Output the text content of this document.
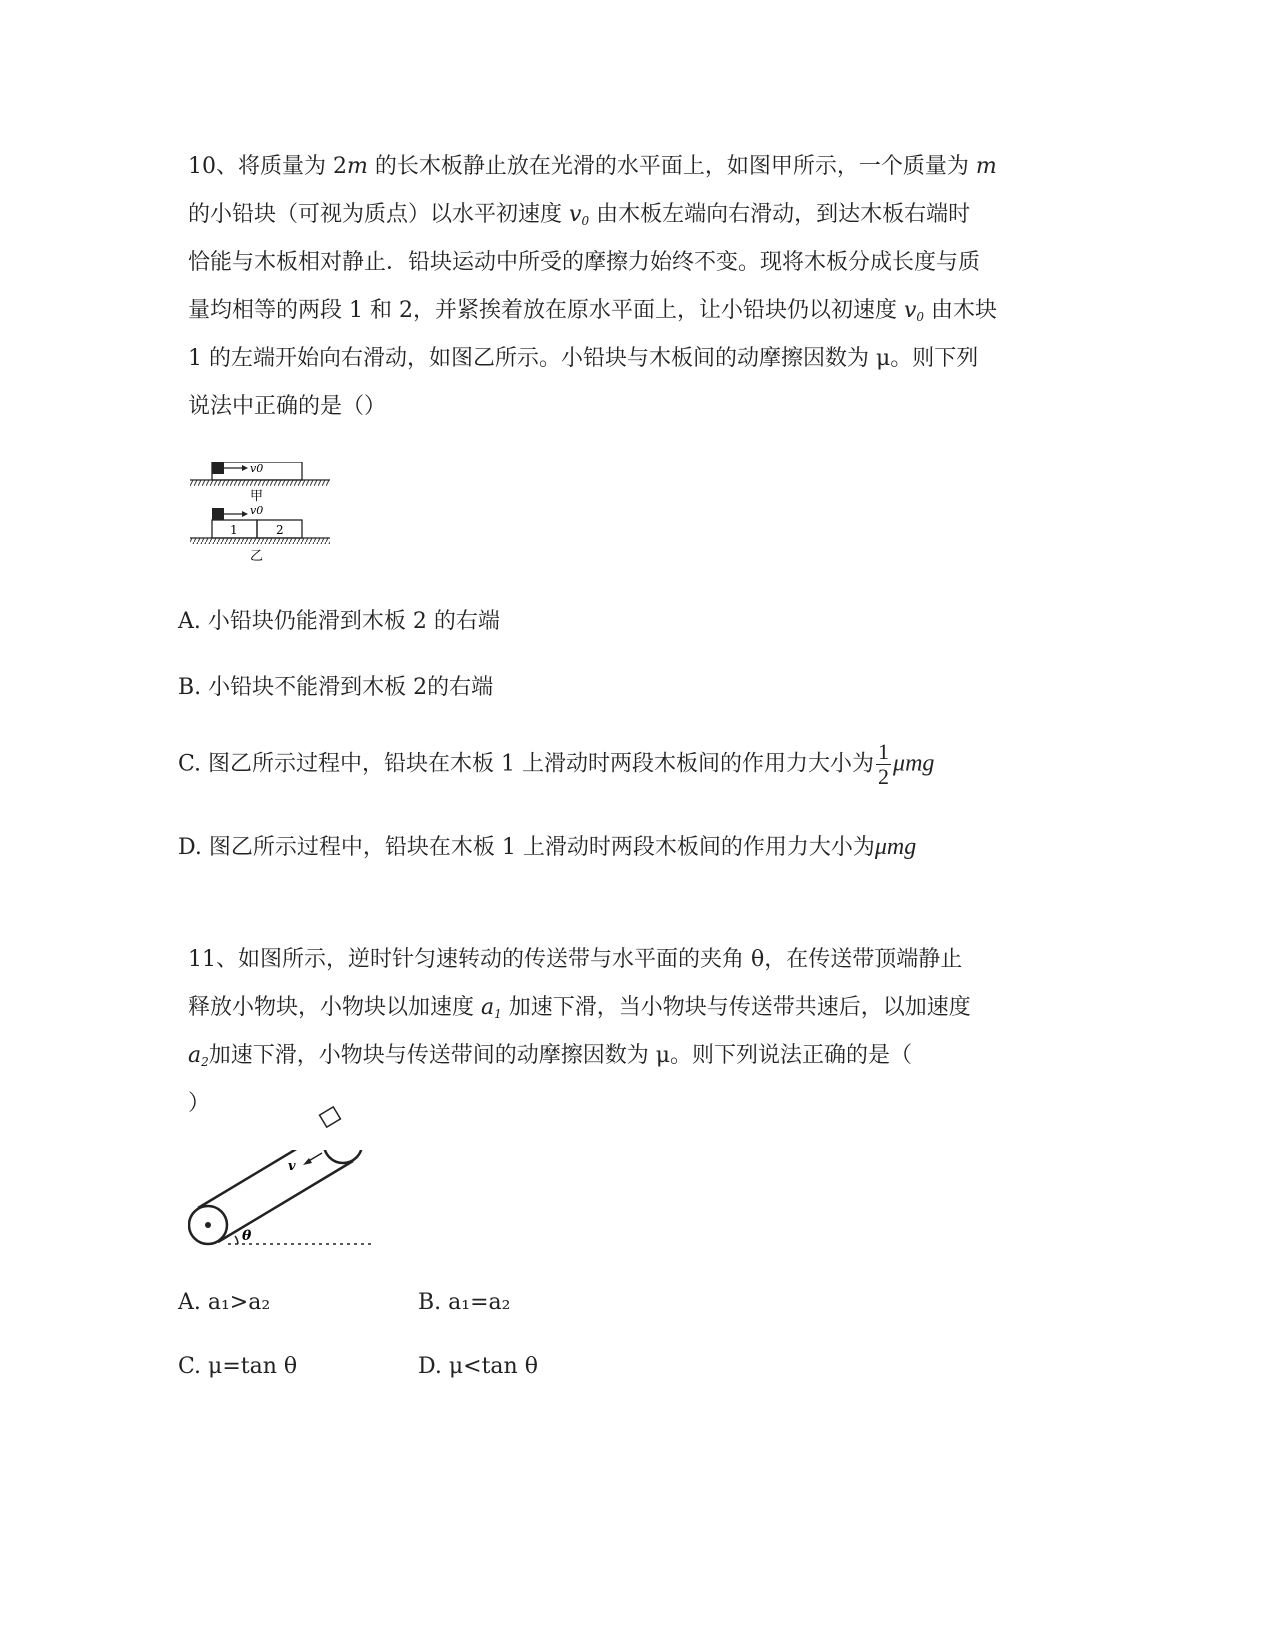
10、将质量为 2m 的长木板静止放在光滑的水平面上，如图甲所示，一个质量为 m
的小铅块（可视为质点）以水平初速度 $v_0$ 由木板左端向右滑动，到达木板右端时
恰能与木板相对静止．铅块运动中所受的摩擦力始终不变。现将木板分成长度与质
量均相等的两段 1 和 2，并紧挨着放在原水平面上，让小铅块仍以初速度 $v_0$ 由木块
1 的左端开始向右滑动，如图乙所示。小铅块与木板间的动摩擦因数为 μ。则下列
说法中正确的是（）
v0
甲
v0
1	2
乙
A. 小铅块仍能滑到木板 2 的右端
B. 小铅块不能滑到木板 2的右端
C. 图乙所示过程中，铅块在木板 1 上滑动时两段木板间的作用力大小为 $\frac{1}{2}$ μmg
D. 图乙所示过程中，铅块在木板 1 上滑动时两段木板间的作用力大小为μmg
11、如图所示，逆时针匀速转动的传送带与水平面的夹角 θ，在传送带顶端静止
释放小物块，小物块以加速度 $a_1$ 加速下滑，当小物块与传送带共速后，以加速度
$a_2$加速下滑，小物块与传送带间的动摩擦因数为 μ。则下列说法正确的是（
）
θ
v
A. a₁>a₂	B. a₁=a₂
C. μ=tan θ	D. μ<tan θ
